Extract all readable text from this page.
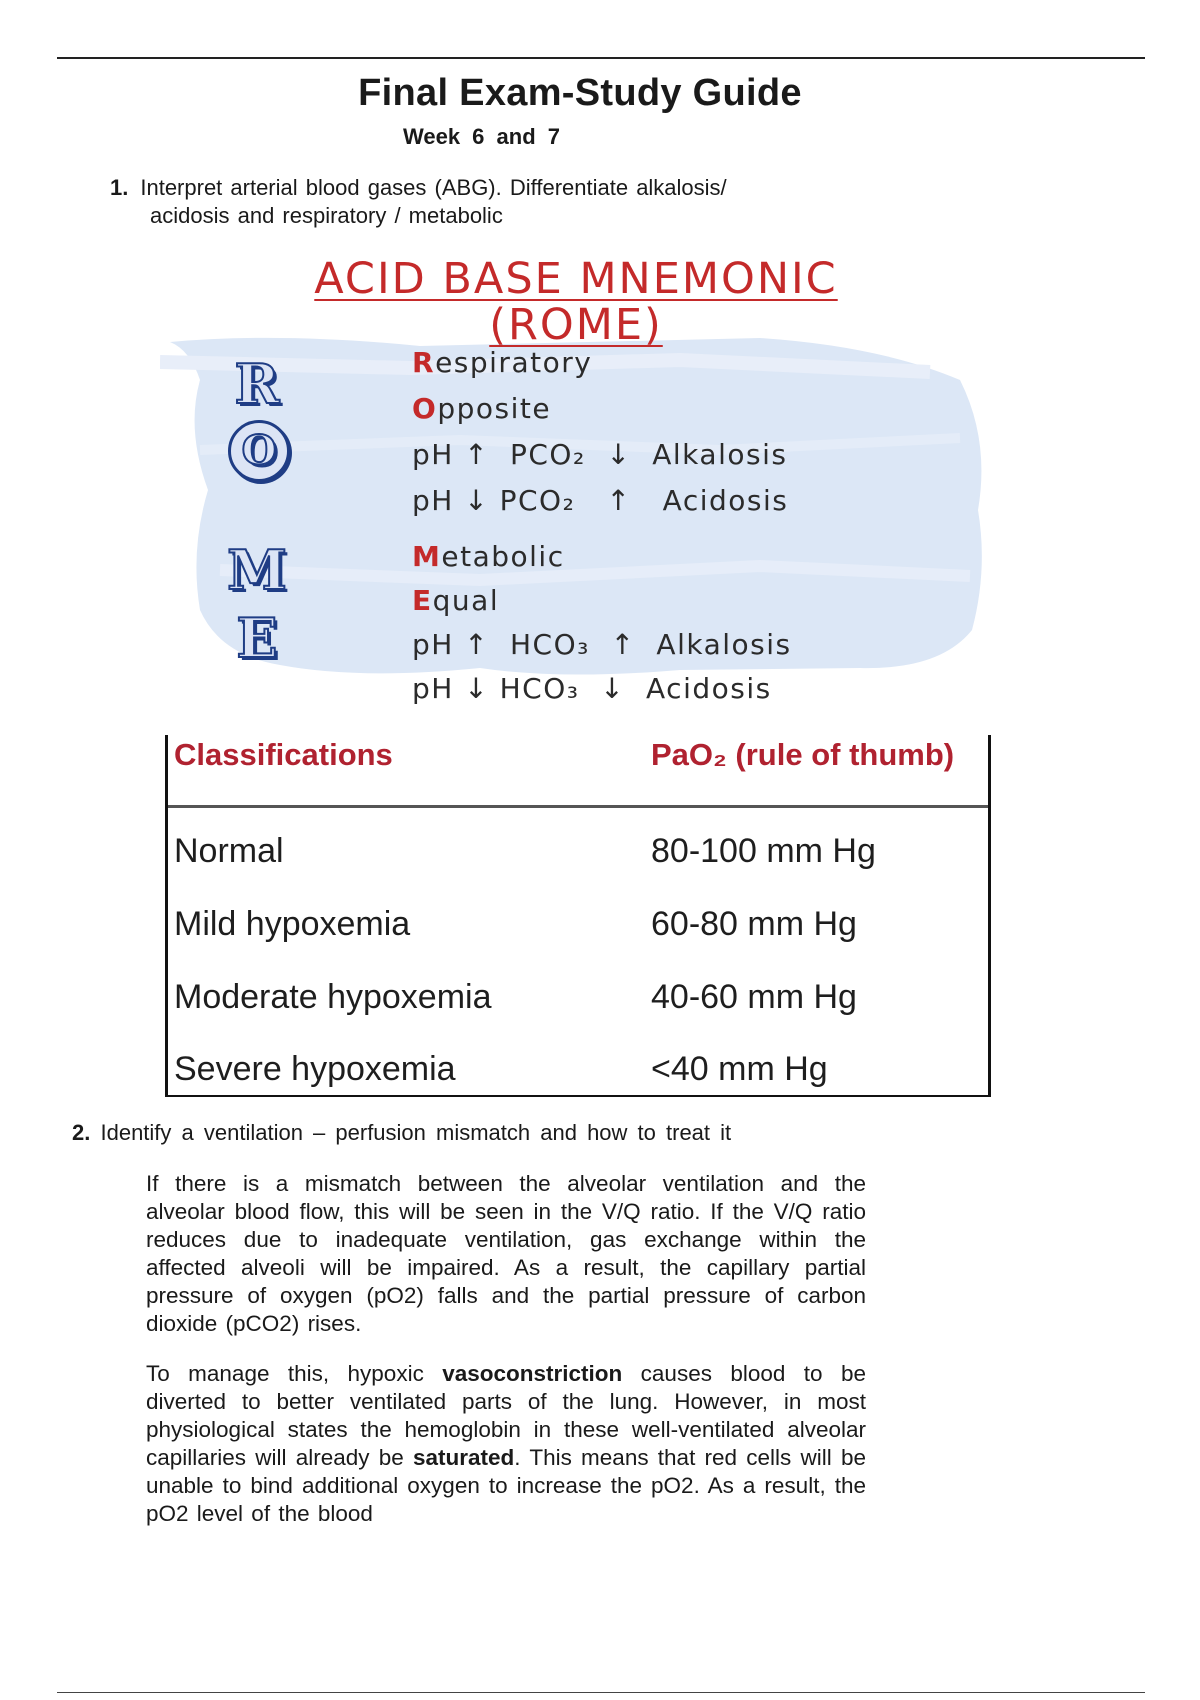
Final Exam-Study Guide
Week 6 and 7
1. Interpret arterial blood gases (ABG). Differentiate alkalosis/
acidosis and respiratory / metabolic
ACID BASE MNEMONIC
(ROME)
R
O
M
E
Respiratory
Opposite
pH ↑  PCO₂  ↓  Alkalosis
pH ↓ PCO₂   ↑   Acidosis
Metabolic
Equal
pH ↑  HCO₃  ↑  Alkalosis
pH ↓ HCO₃  ↓  Acidosis
Classifications	PaO₂ (rule of thumb)
Normal	80-100 mm Hg
Mild hypoxemia	60-80 mm Hg
Moderate hypoxemia	40-60 mm Hg
Severe hypoxemia	<40 mm Hg
2. Identify a ventilation – perfusion mismatch and how to treat it
If there is a mismatch between the alveolar ventilation and the alveolar blood flow, this will be seen in the V/Q ratio. If the V/Q ratio reduces due to inadequate ventilation, gas exchange within the affected alveoli will be impaired. As a result, the capillary partial pressure of oxygen (pO2) falls and the partial pressure of carbon dioxide (pCO2) rises.
To manage this, hypoxic vasoconstriction causes blood to be diverted to better ventilated parts of the lung. However, in most physiological states the hemoglobin in these well-ventilated alveolar capillaries will already be saturated. This means that red cells will be unable to bind additional oxygen to increase the pO2. As a result, the pO2 level of the blood
